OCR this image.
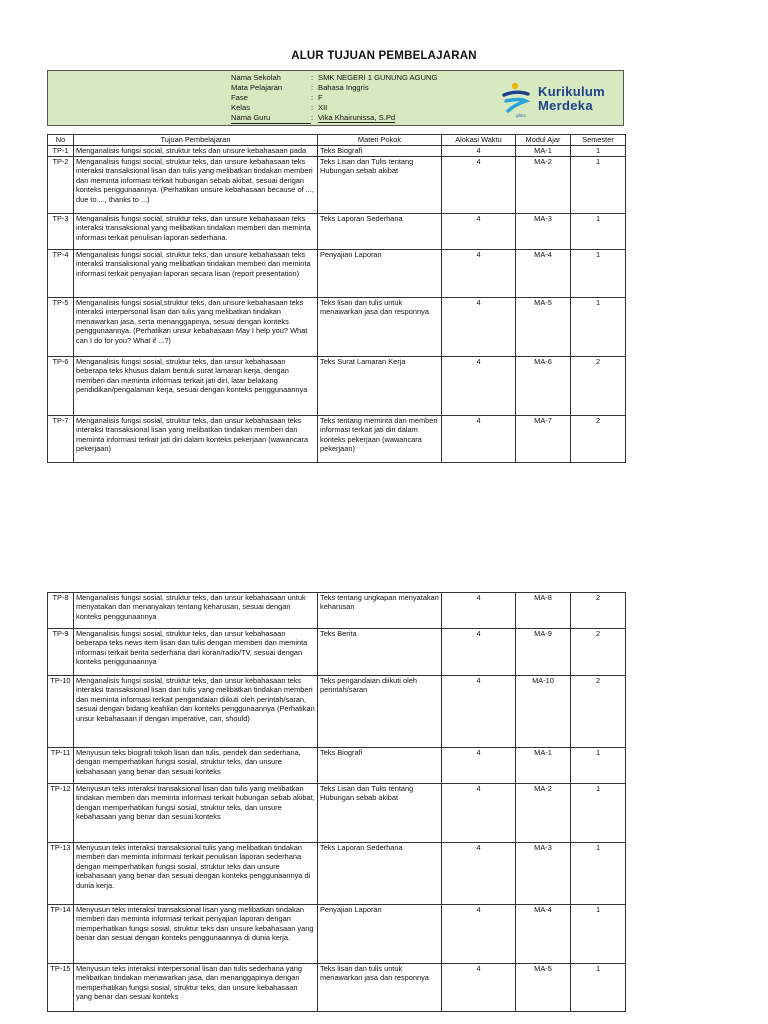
ALUR TUJUAN PEMBELAJARAN
Nama Sekolah	: SMK NEGERI 1 GUNUNG AGUNG
Mata Pelajaran	: Bahasa Inggris
Fase	: F
Kelas	: XII
Nama Guru	: Vika Khairunissa, S.Pd
Kurikulum
Merdeka
gbbs
No	Tujuan Pembelajaran	Materi Pokok	Alokasi Waktu	Modul Ajar	Semester
TP-1	Menganalisis fungsi social, struktur teks dan unsure kebahasaan pada	Teks Biografi	4	MA-1	1
TP-2	Menganalisis fungsi social, struktur teks, dan unsure kebahasaan teks interaksi transaksional lisan dan tulis yang melibatkan tindakan memberi dan meminta informasi terkait hubungan sebab akibat, sesuai dengan konteks penggunaannya. (Perhatikan unsure kebahasaan because of ..., due to ..., thanks to ...)	Teks Lisan dan Tulis tentang Hubungan sebab akibat	4	MA-2	1
TP-3	Menganalisis fungsi social, struktur teks, dan unsure kebahasaan teks interaksi transaksional yang melibatkan tindakan memberi dan meminta informasi terkait penulisan laporan sederhana.	Teks Laporan Sederhana	4	MA-3	1
TP-4	Menganalisis fungsi social, struktur teks, dan unsure kebahasaan teks interaksi transaksional yang melibatkan tindakan memberi dan meminta informasi terkait penyajian laporan secara lisan (report presentation)	Penyajian Laporan	4	MA-4	1
TP-5	Menganalisis fungsi sosial,struktur teks, dan unsure kebahasaan teks interaksi interpersonal lisan dan tulis yang melibatkan tindakan menawarkan jasa, serta menanggapinya, sesuai dengan konteks penggunaannya. (Perhatikan unsur kebahasaan May I help you? What can I do for you? What if ...?)	Teks lisan dan tulis untuk menawarkan jasa dan responnya	4	MA-5	1
TP-6	Menganalisis fungsi sosial, struktur teks, dan unsur kebahasaan beberapa teks khusus dalam bentuk surat lamaran kerja, dengan memberi dan meminta informasi terkait jati diri, latar belakang pendidikan/pengalaman kerja, sesuai dengan konteks penggunaannya	Teks Surat Lamaran Kerja	4	MA-6	2
TP-7	Menganalisis fungsi sosial, struktur teks, dan unsur kebahasaan teks interaksi transaksional lisan yang melibatkan tindakan memberi dan meminta informasi terkait jati diri dalam konteks pekerjaan (wawancara pekerjaan)	Teks tentang meminta dan memberi informasi terkait jati diri dalam konteks pekerjaan (wawancara pekerjaan)	4	MA-7	2
TP-8	Menganalisis fungsi sosial, struktur teks, dan unsur kebahasaan untuk menyatakan dan menanyakan tentang keharusan, sesuai dengan konteks penggunaannya	Teks tentang ungkapan menyatakan keharusan	4	MA-8	2
TP-9	Menganalisis fungsi sosial, struktur teks, dan unsur kebahasaan beberapa teks news item lisan dan tulis dengan memberi dan meminta informasi terkait berita sederhana dari koran/radio/TV, sesuai dengan konteks penggunaannya	Teks Berita	4	MA-9	2
TP-10	Menganalisis fungsi sosial, struktur teks, dan unsur kebahasaan teks interaksi transaksional lisan dan tulis yang melibatkan tindakan memberi dan meminta informasi terkait pengandaian diikuti oleh perintah/saran, sesuai dengan bidang keahlian dan konteks penggunaannya (Perhatikan unsur kebahasaan if dengan imperative, can, should)	Teks pengandaian diikuti oleh perintah/saran	4	MA-10	2
TP-11	Menyusun teks biografi tokoh lisan dan tulis, pendek dan sederhana, dengan memperhatikan fungsi sosial, struktur teks, dan unsure kebahasaan yang benar dan sesuai konteks	Teks Biografi	4	MA-1	1
TP-12	Menyusun teks interaksi transaksional lisan dan tulis yang melibatkan tindakan memberi dan meminta informasi terkait hubungan sebab akibat, dengan memperhatikan fungsi sosial, struktur teks, dan unsure kebahasaan yang benar dan sesuai konteks	Teks Lisan dan Tulis tentang Hubungan sebab akibat	4	MA-2	1
TP-13	Menyusun teks interaksi transaksional tulis yang melibatkan tindakan memberi dan meminta informasi terkait penulisan laporan sederhana dengan memperhatikan fungsi sosial, struktur teks dan unsure kebahasaan yang benar dan sesuai dengan konteks penggunaannya di dunia kerja.	Teks Laporan Sederhana	4	MA-3	1
TP-14	Menyusun teks interaksi transaksional lisan yang melibatkan tindakan memberi dan meminta informasi terkait penyajian laporan dengan memperhatikan fungsi sosial, struktur teks dan unsure kebahasaan yang benar dan sesuai dengan konteks penggunaannya di dunia kerja.	Penyajian Laporan	4	MA-4	1
TP-15	Menyusun teks interaksi interpersonal lisan dan tulis sederhana yang melibatkan tindakan menawarkan jasa, dan menanggapinya dengan memperhatikan fungsi sosial, struktur teks, dan unsure kebahasaan yang benar dan sesuai konteks	Teks lisan dan tulis untuk menawarkan jasa dan responnya	4	MA-5	1
